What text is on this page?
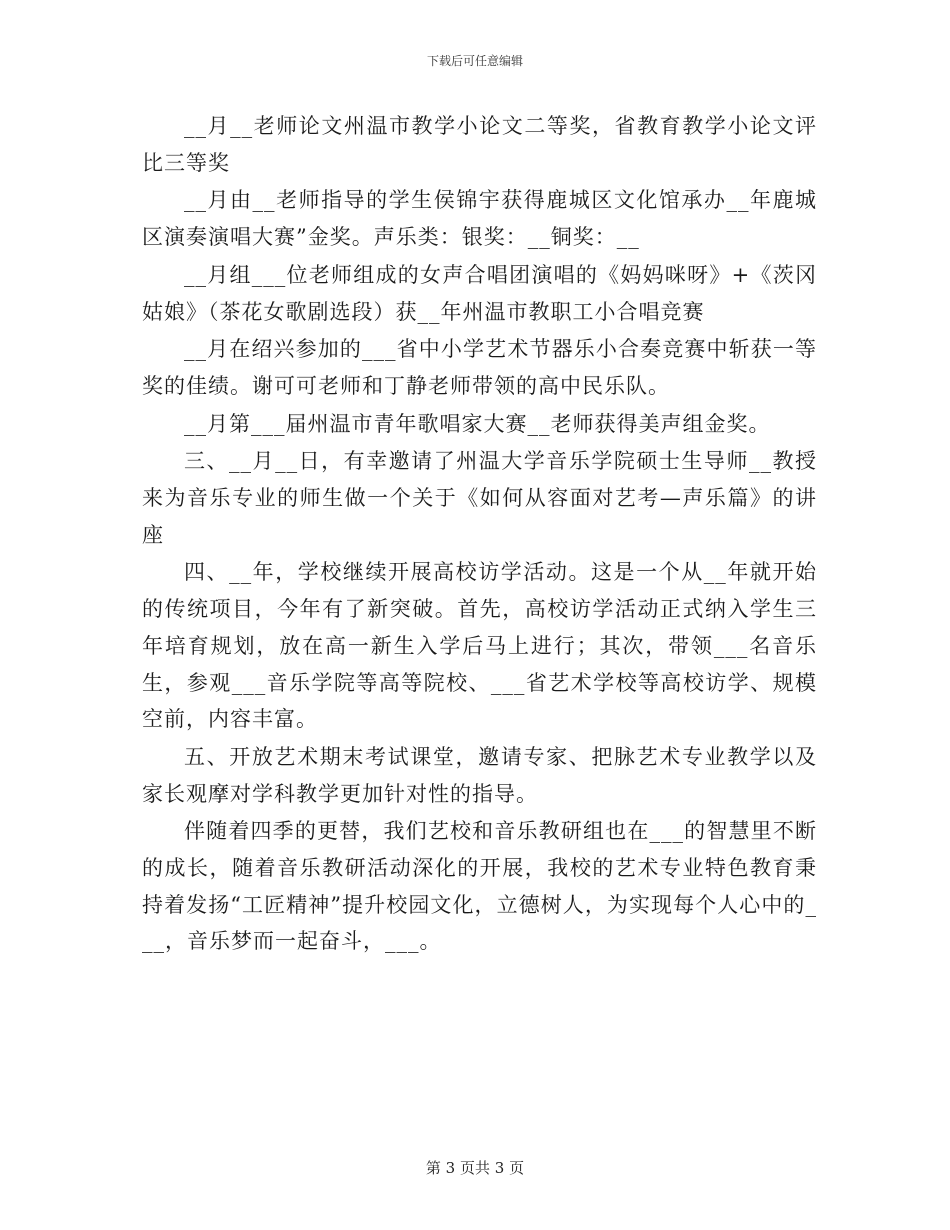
下载后可任意编辑

__月__老师论文州温市教学小论文二等奖，省教育教学小论文评比三等奖

__月由__老师指导的学生侯锦宇获得鹿城区文化馆承办__年鹿城区演奏演唱大赛”金奖。声乐类：银奖：__铜奖：__

__月组___位老师组成的女声合唱团演唱的《妈妈咪呀》+《茨冈姑娘》（茶花女歌剧选段）获__年州温市教职工小合唱竞赛

__月在绍兴参加的___省中小学艺术节器乐小合奏竞赛中斩获一等奖的佳绩。谢可可老师和丁静老师带领的高中民乐队。

__月第___届州温市青年歌唱家大赛__老师获得美声组金奖。

三、__月__日，有幸邀请了州温大学音乐学院硕士生导师__教授来为音乐专业的师生做一个关于《如何从容面对艺考—声乐篇》的讲座

四、__年，学校继续开展高校访学活动。这是一个从__年就开始的传统项目，今年有了新突破。首先，高校访学活动正式纳入学生三年培育规划，放在高一新生入学后马上进行；其次，带领___名音乐生，参观___音乐学院等高等院校、___省艺术学校等高校访学、规模空前，内容丰富。

五、开放艺术期末考试课堂，邀请专家、把脉艺术专业教学以及家长观摩对学科教学更加针对性的指导。

伴随着四季的更替，我们艺校和音乐教研组也在___的智慧里不断的成长，随着音乐教研活动深化的开展，我校的艺术专业特色教育秉持着发扬“工匠精神”提升校园文化，立德树人，为实现每个人心中的___，音乐梦而一起奋斗，___。

第 3 页共 3 页
